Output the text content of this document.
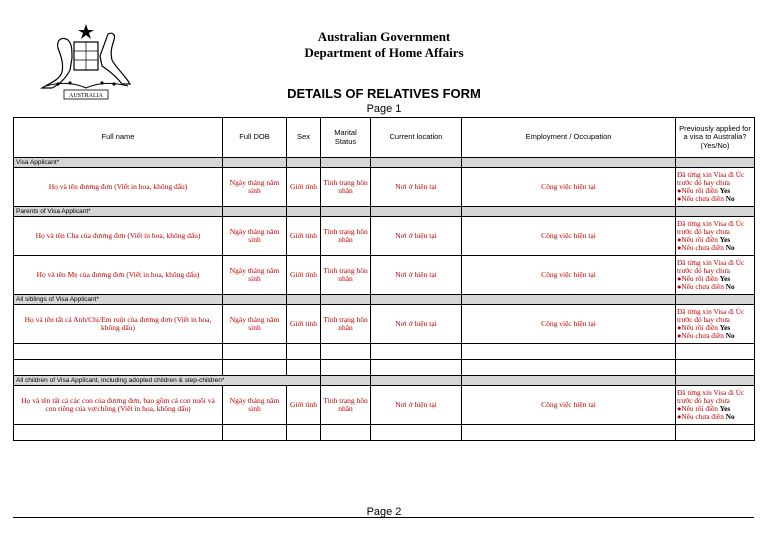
AUSTRALIA
Australian Government
Department of Home Affairs
DETAILS OF RELATIVES FORM
Page 1
Full name	Full DOB	Sex	Marital Status	Current location	Employment / Occupation	Previously applied for a visa to Australia? (Yes/No)
Visa Applicant*						
Họ và tên đương đơn (Viết in hoa, không dấu)	Ngày tháng năm sinh	Giới tính	Tình trạng hôn nhân	Nơi ở hiện tại	Công việc hiện tại	Đã từng xin Visa đi Úc trước đó hay chưa
●Nếu rồi điền Yes
●Nếu chưa điền No

Parents of Visa Applicant*						
Họ và tên Cha của đương đơn (Viết in hoa, không dấu)	Ngày tháng năm sinh	Giới tính	Tình trạng hôn nhân	Nơi ở hiện tại	Công việc hiện tại	Đã từng xin Visa đi Úc trước đó hay chưa
●Nếu rồi điền Yes
●Nếu chưa điền No

Họ và tên Mẹ của đương đơn (Viết in hoa, không dấu)	Ngày tháng năm sinh	Giới tính	Tình trạng hôn nhân	Nơi ở hiện tại	Công việc hiện tại	Đã từng xin Visa đi Úc trước đó hay chưa
●Nếu rồi điền Yes
●Nếu chưa điền No

All siblings of Visa Applicant*						
Họ và tên tất cả Anh/Chị/Em ruột của đương đơn (Viết in hoa, không dấu)	Ngày tháng năm sinh	Giới tính	Tình trạng hôn nhân	Nơi ở hiện tại	Công việc hiện tại	Đã từng xin Visa đi Úc trước đó hay chưa
●Nếu rồi điền Yes
●Nếu chưa điền No

All children of Visa Applicant, including adopted children & step-children*						
Họ và tên tất cả các con của đương đơn, bao gồm cả con nuôi và con riêng của vợ/chồng (Viết in hoa, không dấu)	Ngày tháng năm sinh	Giới tính	Tình trạng hôn nhân	Nơi ở hiện tại	Công việc hiện tại	Đã từng xin Visa đi Úc trước đó hay chưa
●Nếu rồi điền Yes
●Nếu chưa điền No

Page 2
